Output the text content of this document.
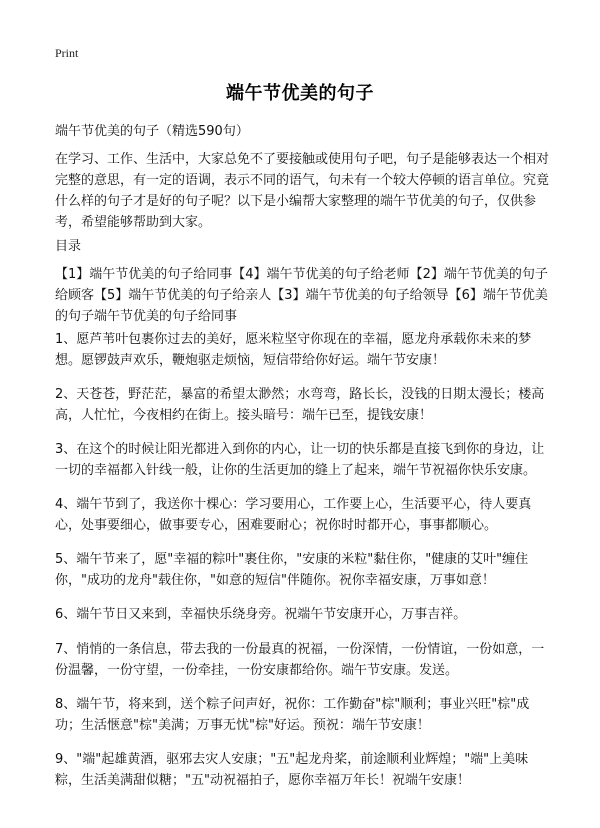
Print
端午节优美的句子
端午节优美的句子（精选590句）
在学习、工作、生活中，大家总免不了要接触或使用句子吧，句子是能够表达一个相对完整的意思，有一定的语调，表示不同的语气，句未有一个较大停顿的语言单位。究竟什么样的句子才是好的句子呢？以下是小编帮大家整理的端午节优美的句子，仅供参考，希望能够帮助到大家。
目录
【1】端午节优美的句子给同事【4】端午节优美的句子给老师【2】端午节优美的句子给顾客【5】端午节优美的句子给亲人【3】端午节优美的句子给领导【6】端午节优美的句子端午节优美的句子给同事
1、愿芦苇叶包裹你过去的美好，愿米粒坚守你现在的幸福，愿龙舟承载你未来的梦想。愿锣鼓声欢乐，鞭炮驱走烦恼，短信带给你好运。端午节安康！
2、天苍苍，野茫茫，暴富的希望太渺然；水弯弯，路长长，没钱的日期太漫长；楼高高，人忙忙，今夜相约在街上。接头暗号：端午已至，提钱安康！
3、在这个的时候让阳光都进入到你的内心，让一切的快乐都是直接飞到你的身边，让一切的幸福都入针线一般，让你的生活更加的缝上了起来，端午节祝福你快乐安康。
4、端午节到了，我送你十棵心：学习要用心，工作要上心，生活要平心，待人要真心，处事要细心，做事要专心，困难要耐心；祝你时时都开心，事事都顺心。
5、端午节来了，愿"幸福的粽叶"裹住你，"安康的米粒"黏住你，"健康的艾叶"缠住你，"成功的龙舟"载住你，"如意的短信"伴随你。祝你幸福安康，万事如意！
6、端午节日又来到，幸福快乐绕身旁。祝端午节安康开心，万事吉祥。
7、悄悄的一条信息，带去我的一份最真的祝福，一份深情，一份情谊，一份如意，一份温馨，一份守望，一份牵挂，一份安康都给你。端午节安康。发送。
8、端午节，将来到，送个粽子问声好，祝你：工作勤奋"棕"顺利；事业兴旺"棕"成功；生活惬意"棕"美满；万事无忧"棕"好运。预祝：端午节安康！
9、"端"起雄黄酒，驱邪去灾人安康；"五"起龙舟桨，前途顺利业辉煌；"端"上美味粽，生活美满甜似糖；"五"动祝福拍子，愿你幸福万年长！祝端午安康！
